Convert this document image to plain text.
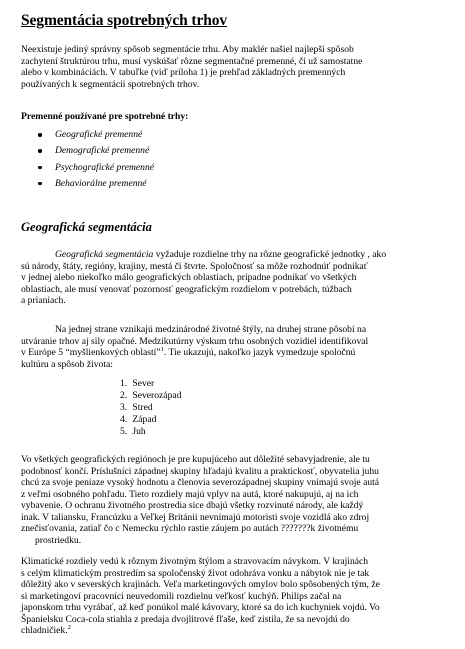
Segmentácia spotrebných trhov
Neexistuje jediný správny spôsob segmentácie trhu. Aby maklér našiel najlepší spôsob
zachytení štruktúrou trhu, musí vyskúšať rôzne segmentačné premenné, či už samostatne
alebo v kombináciách. V tabuľke (viď príloha 1) je prehľad základných premenných
používaných k segmentácii spotrebných trhov.
Premenné používané pre spotrebné trhy:
Geografické premenné
Demografické premenné
Psychografické premenné
Behaviorálne premenné
Geografická segmentácia
Geografická segmentácia vyžaduje rozdielne trhy na rôzne geografické jednotky , ako
sú národy, štáty, regióny, krajiny, mestá či štvrte. Spoločnosť sa môže rozhodnúť podnikať
v jednej alebo niekoľko málo geografických oblastiach, prípadne podnikať vo všetkých
oblastiach, ale musí venovať pozornosť geografickým rozdielom v potrebách, túžbach
a prianiach.
Na jednej strane vznikajú medzinárodné životné štýly, na druhej strane pôsobí na
utváranie trhov aj sily opačné. Medzikutúrny výskum trhu osobných vozidiel identifikoval
v Európe 5 “myšlienkových oblastí”$^1$. Tie ukazujú, nakoľko jazyk vymedzuje spoločnú
kultúru a spôsob života:
1. Sever
2. Severozápad
3. Stred
4. Západ
5. Juh
Vo všetkých geografických regiónoch je pre kupujúceho aut dôležité sebavyjadrenie, ale tu
podobnosť končí. Príslušníci západnej skupiny hľadajú kvalitu a praktickosť, obyvatelia juhu
chcú za svoje peniaze vysoký hodnotu a členovia severozápadnej skupiny vnímajú svoje autá
z veľmi osobného pohľadu. Tieto rozdiely majú vplyv na autá, ktoré nakupujú, aj na ich
vybavenie. O ochranu životného prostredia sice dbajú všetky rozvinuté národy, ale každý
inak. V taliansku, Francúzku a Veľkej Británii nevnímajú motoristi svoje vozidlá ako zdroj
znečisťovania, zatiaľ čo c Nemecku rýchlo rastie záujem po autách ???????k životnému
prostriedku.
Klimatické rozdiely vedú k rôznym životným štýlom a stravovacím návykom. V krajinách
s celým klimatickým prostredím sa spoločenský život odohráva vonku a nábytok nie je tak
dôležitý ako v severských krajinách. Veľa marketingových omylov bolo spôsobených tým, že
si marketingoví pracovníci neuvedomili rozdielnu veľkosť kuchýň. Philips začal na
japonskom trhu vyrábať, až keď ponúkol malé kávovary, ktoré sa do ich kuchyniek vojdú. Vo
Španielsku Coca-cola stiahla z predaja dvojlitrové fľaše, keď zistila, že sa nevojdú do
chladničiek.$^2$
